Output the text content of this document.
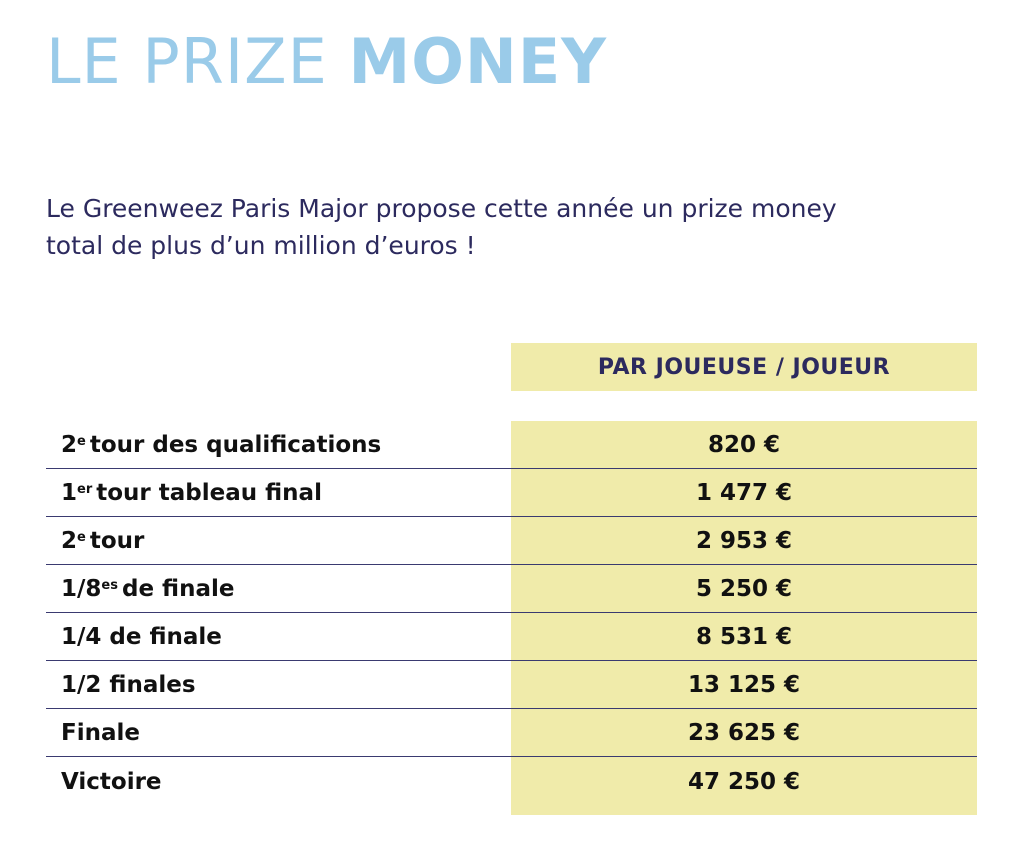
LE PRIZE MONEY

Le Greenweez Paris Major propose cette année un prize money
total de plus d’un million d’euros !

PAR JOUEUSE / JOUEUR
2e tour des qualifications	820 €
1er tour tableau final	1 477 €
2e tour	2 953 €
$1/8^{es}$ de finale	5 250 €
1/4 de finale	8 531 €
1/2 finales	13 125 €
Finale	23 625 €
Victoire	47 250 €
